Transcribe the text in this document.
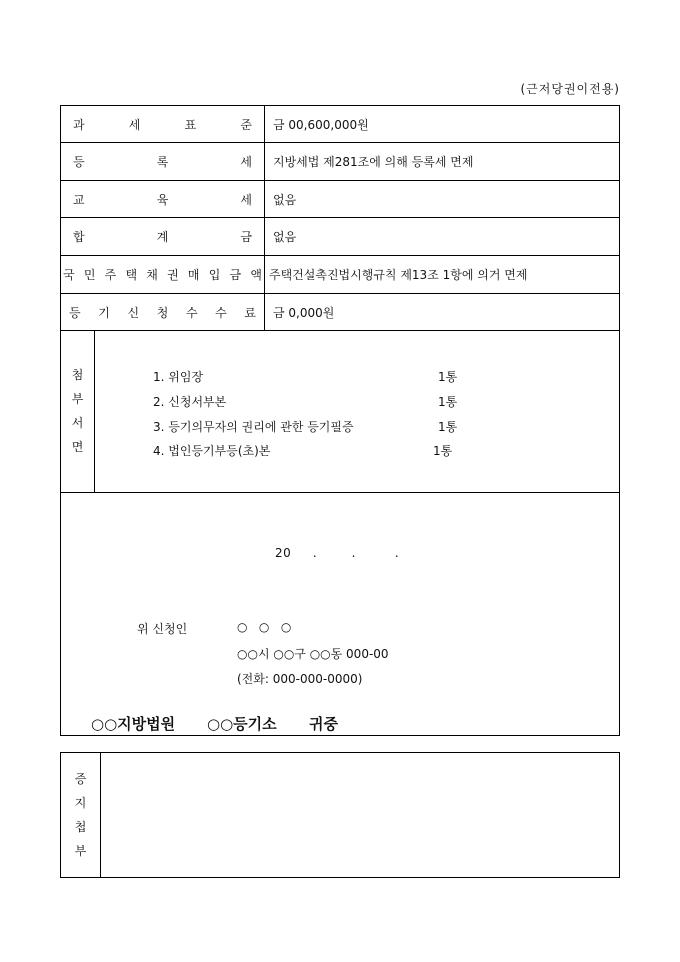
(근저당권이전용)
과	세	표	준 금 00,600,000원
등	록	세 지방세법 제281조에 의해 등록세 면제
교	육	세 없음
합	계	금 없음
국 민 주 택 채 권 매 입 금 액 주택건설촉진법시행규칙 제13조 1항에 의거 면제
등 기 신 청 수 수 료 금 0,000원
첨
부
서
면
1. 위임장	1통
2. 신청서부본	1통
3. 등기의무자의 권리에 관한 등기필증	1통
4. 법인등기부등(초)본	1통
20     .        .         .
위 신청인	○   ○   ○
○○시 ○○구 ○○동 000-00
(전화: 000-000-0000)
○○지방법원 ○○등기소 귀중
증
지
첩
부
